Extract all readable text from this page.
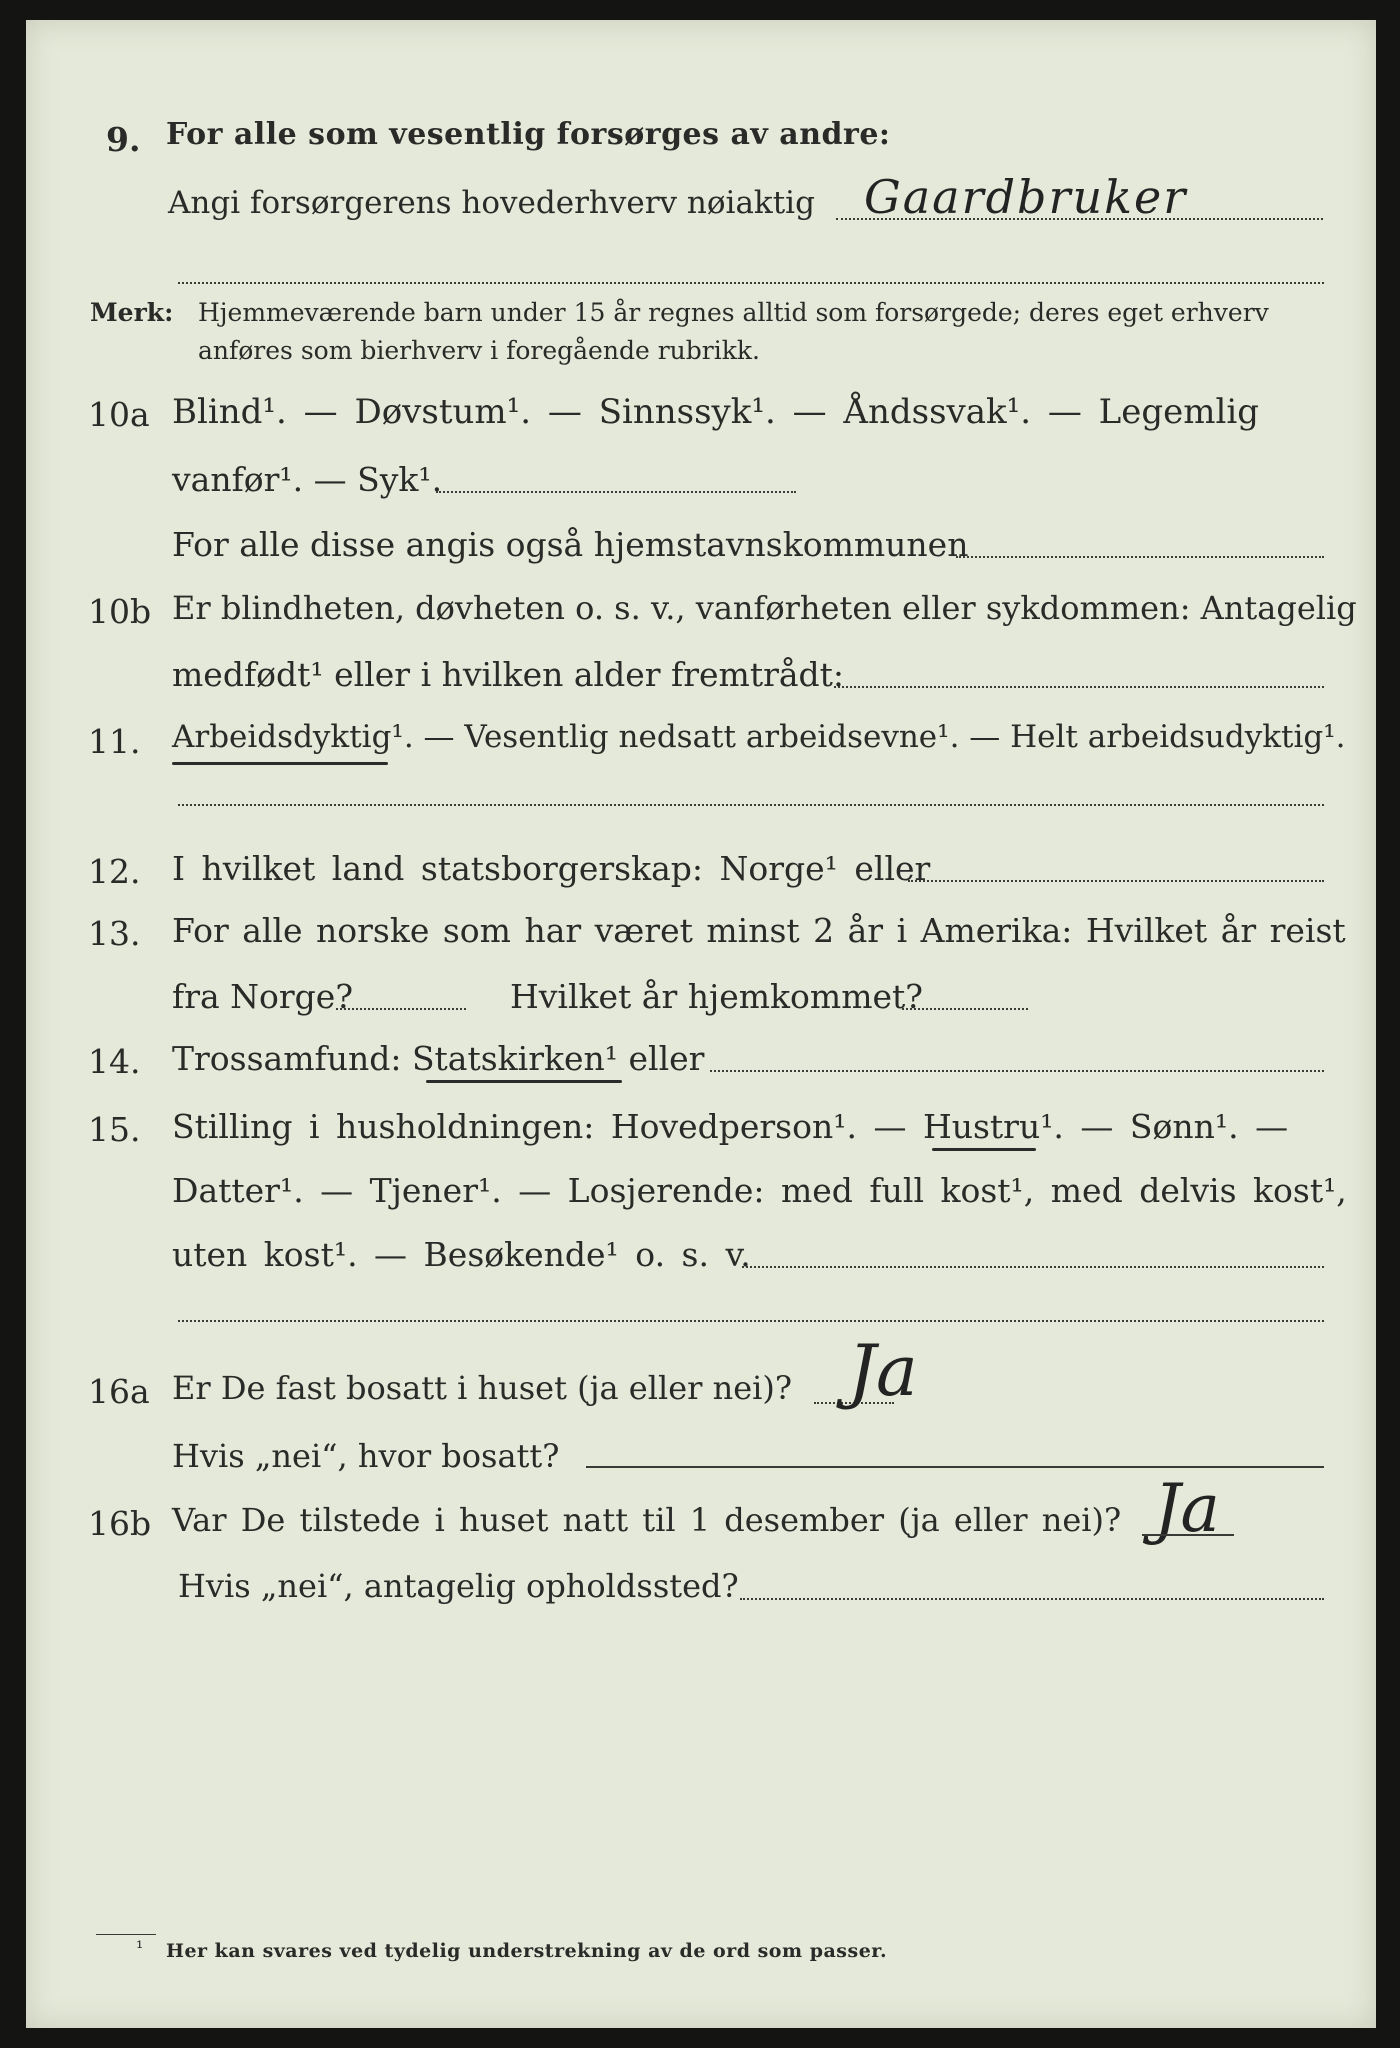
9. For alle som vesentlig forsørges av andre:
Angi forsørgerens hovederhverv nøiaktig Gaardbruker
Merk: Hjemmeværende barn under 15 år regnes alltid som forsørgede; deres eget erhverv
anføres som bierhverv i foregående rubrikk.
10a Blind¹. — Døvstum¹. — Sinnssyk¹. — Åndssvak¹. — Legemlig
vanfør¹. — Syk¹.
For alle disse angis også hjemstavnskommunen
10b Er blindheten, døvheten o. s. v., vanførheten eller sykdommen: Antagelig
medfødt¹ eller i hvilken alder fremtrådt:
11. Arbeidsdyktig¹. — Vesentlig nedsatt arbeidsevne¹. — Helt arbeidsudyktig¹.
12. I hvilket land statsborgerskap: Norge¹ eller
13. For alle norske som har været minst 2 år i Amerika: Hvilket år reist
fra Norge?	Hvilket år hjemkommet?
14. Trossamfund: Statskirken¹ eller
15. Stilling i husholdningen: Hovedperson¹. — Hustru¹. — Sønn¹. —
Datter¹. — Tjener¹. — Losjerende: med full kost¹, med delvis kost¹,
uten kost¹. — Besøkende¹ o. s. v.
16a Er De fast bosatt i huset (ja eller nei)? Ja
Hvis „nei“, hvor bosatt?
16b Var De tilstede i huset natt til 1 desember (ja eller nei)? Ja
Hvis „nei“, antagelig opholdssted?
¹ Her kan svares ved tydelig understrekning av de ord som passer.
